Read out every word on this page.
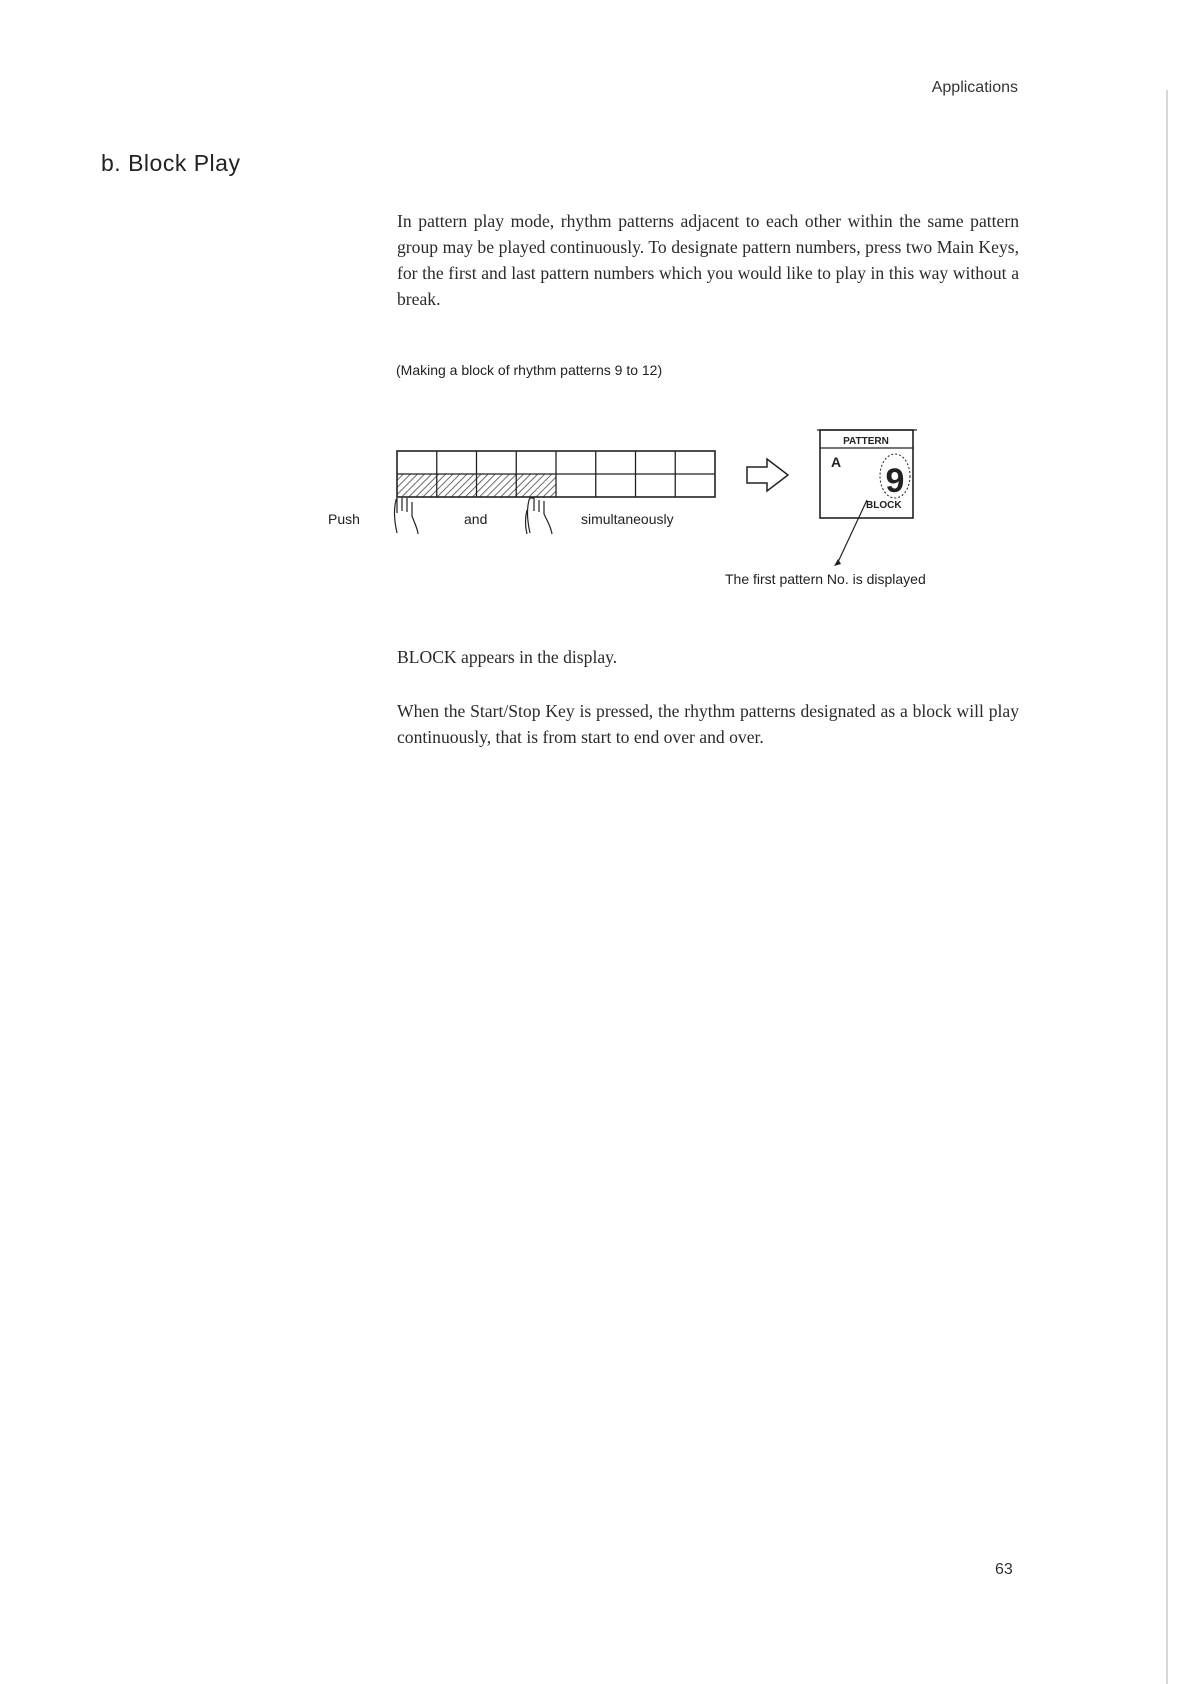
Applications
b. Block Play
In pattern play mode, rhythm patterns adjacent to each other within the same pattern group may be played continuously. To designate pattern numbers, press two Main Keys, for the first and last pattern numbers which you would like to play in this way without a break.
(Making a block of rhythm patterns 9 to 12)
Push	and	simultaneously
PATTERN
A 9
BLOCK
The first pattern No. is displayed
BLOCK appears in the display.
When the Start/Stop Key is pressed, the rhythm patterns designated as a block will play continuously, that is from start to end over and over.
63
